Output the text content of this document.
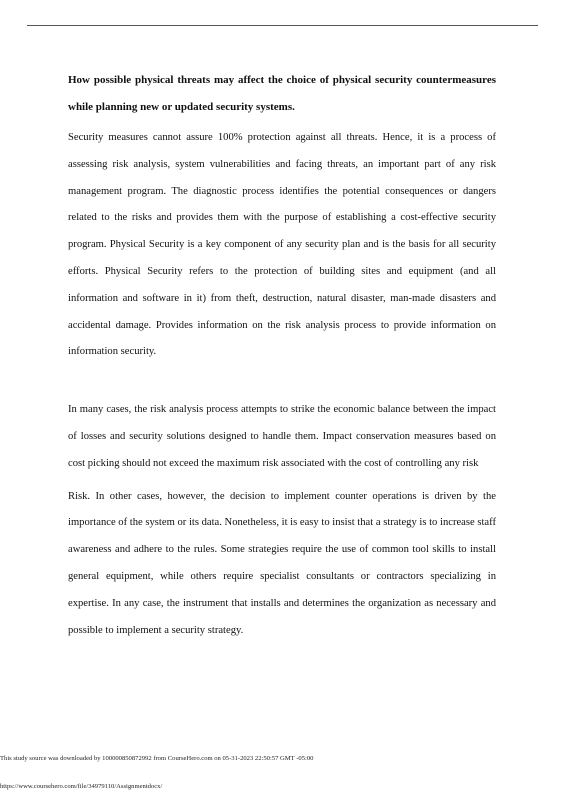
How possible physical threats may affect the choice of physical security countermeasures while planning new or updated security systems.

Security measures cannot assure 100% protection against all threats. Hence, it is a process of assessing risk analysis, system vulnerabilities and facing threats, an important part of any risk management program. The diagnostic process identifies the potential consequences or dangers related to the risks and provides them with the purpose of establishing a cost-effective security program. Physical Security is a key component of any security plan and is the basis for all security efforts. Physical Security refers to the protection of building sites and equipment (and all information and software in it) from theft, destruction, natural disaster, man-made disasters and accidental damage. Provides information on the risk analysis process to provide information on information security.

In many cases, the risk analysis process attempts to strike the economic balance between the impact of losses and security solutions designed to handle them. Impact conservation measures based on cost picking should not exceed the maximum risk associated with the cost of controlling any risk

Risk. In other cases, however, the decision to implement counter operations is driven by the importance of the system or its data. Nonetheless, it is easy to insist that a strategy is to increase staff awareness and adhere to the rules. Some strategies require the use of common tool skills to install general equipment, while others require specialist consultants or contractors specializing in expertise. In any case, the instrument that installs and determines the organization as necessary and possible to implement a security strategy.

This study source was downloaded by 100000850872992 from CourseHero.com on 05-31-2023 22:50:57 GMT -05:00
https://www.coursehero.com/file/34979110/Assignmentdocx/
